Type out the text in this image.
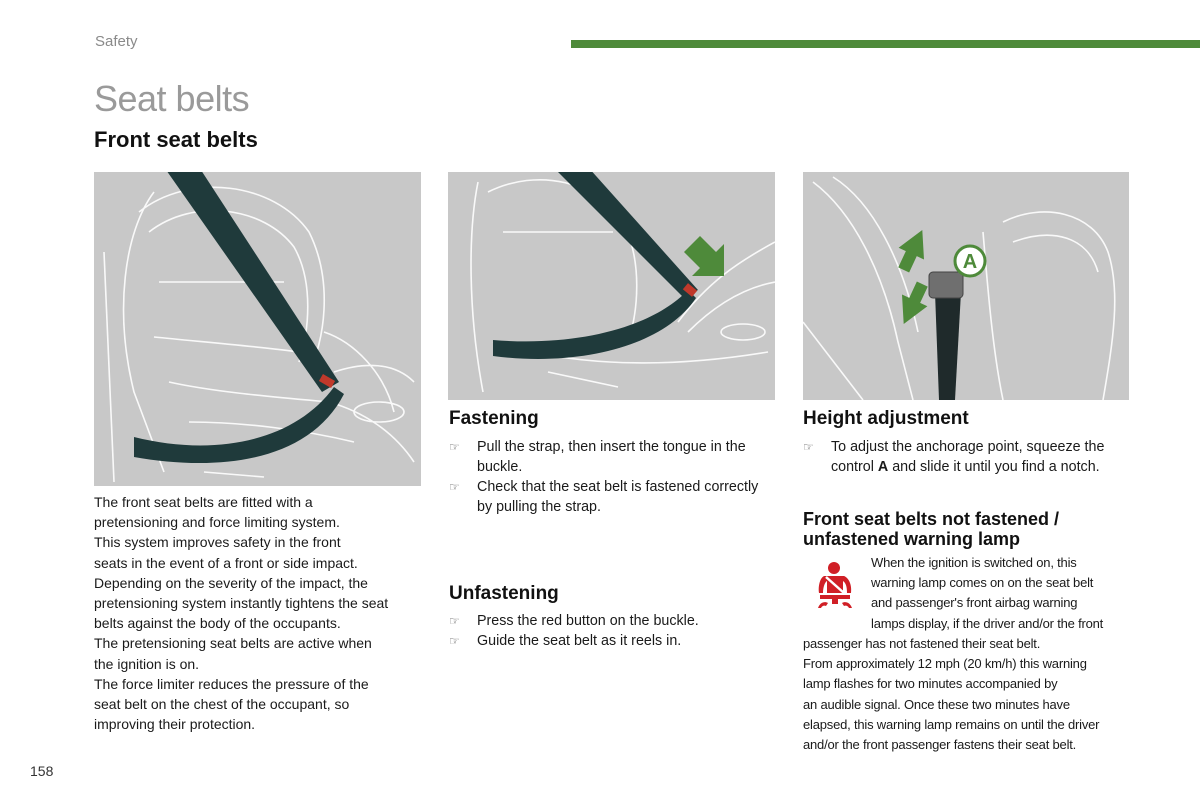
Safety
Seat belts
Front seat belts
A
The front seat belts are fitted with a
pretensioning and force limiting system.
This system improves safety in the front
seats in the event of a front or side impact.
Depending on the severity of the impact, the
pretensioning system instantly tightens the seat
belts against the body of the occupants.
The pretensioning seat belts are active when
the ignition is on.
The force limiter reduces the pressure of the
seat belt on the chest of the occupant, so
improving their protection.
Fastening
☞ Pull the strap, then insert the tongue in the buckle.
☞ Check that the seat belt is fastened correctly by pulling the strap.
Unfastening
☞ Press the red button on the buckle.
☞ Guide the seat belt as it reels in.
Height adjustment
☞ To adjust the anchorage point, squeeze the control A and slide it until you find a notch.
Front seat belts not fastened /
unfastened warning lamp
When the ignition is switched on, this
warning lamp comes on on the seat belt
and passenger's front airbag warning
lamps display, if the driver and/or the front
passenger has not fastened their seat belt.
From approximately 12 mph (20 km/h) this warning
lamp flashes for two minutes accompanied by
an audible signal. Once these two minutes have
elapsed, this warning lamp remains on until the driver
and/or the front passenger fastens their seat belt.
158
